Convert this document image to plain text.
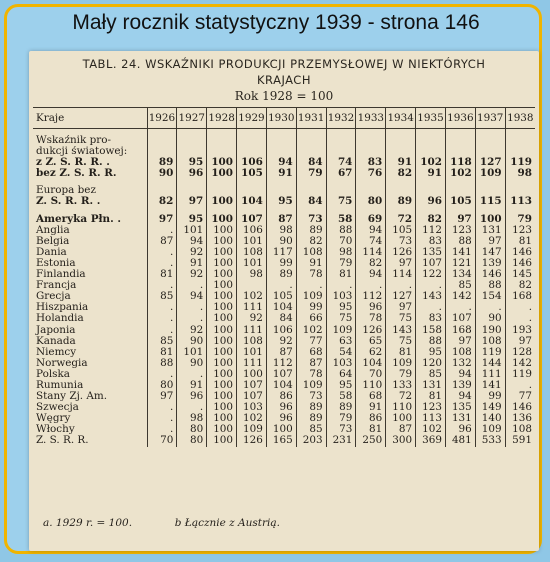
Mały rocznik statystyczny 1939 - strona 146
TABL. 24. WSKAŹNIKI PRODUKCJI PRZEMYSŁOWEJ W NIEKTÓRYCH
KRAJACH
Rok 1928 = 100
Kraje	1926	1927	1928	1929	1930	1931	1932	1933	1934	1935	1936	1937	1938

Wskaźnik pro-													
dukcji światowej:													
z Z. S. R. R. .	89	95	100	106	94	84	74	83	91	102	118	127	119
bez Z. S. R. R.	90	96	100	105	91	79	67	76	82	91	102	109	98

Europa bez													
Z. S. R. R. .	82	97	100	104	95	84	75	80	89	96	105	115	113

Ameryka Płn. .	97	95	100	107	87	73	58	69	72	82	97	100	79
Anglia	.	101	100	106	98	89	88	94	105	112	123	131	123
Belgia	87	94	100	101	90	82	70	74	73	83	88	97	81
Dania	.	92	100	108	117	108	98	114	126	135	141	147	146
Estonia	.	91	100	101	99	91	79	82	97	107	121	139	146
Finlandia	81	92	100	98	89	78	81	94	114	122	134	146	145
Francja	.	.	100		.	.	.	.	.	.	85	88	82
Grecja	85	94	100	102	105	109	103	112	127	143	142	154	168
Hiszpania	.	.	100	111	104	99	95	96	97	.	.	.	.
Holandia	.	.	100	92	84	66	75	78	75	83	107	90	.
Japonia	.	92	100	111	106	102	109	126	143	158	168	190	193
Kanada	85	90	100	108	92	77	63	65	75	88	97	108	97
Niemcy	81	101	100	101	87	68	54	62	81	95	108	119	128
Norwegia	88	90	100	111	112	87	103	104	109	120	132	144	142
Polska	.	.	100	100	107	78	64	70	79	85	94	111	119
Rumunia	80	91	100	107	104	109	95	110	133	131	139	141	.
Stany Zj. Am.	97	96	100	107	86	73	58	68	72	81	94	99	77
Szwecja	.	.	100	103	96	89	89	91	110	123	135	149	146
Węgry	.	98	100	102	96	89	79	86	100	113	131	140	136
Włochy	.	80	100	109	100	85	73	81	87	102	96	109	108
Z. S. R. R.	70	80	100	126	165	203	231	250	300	369	481	533	591
a. 1929 r. = 100.	b Łącznie z Austrią.
